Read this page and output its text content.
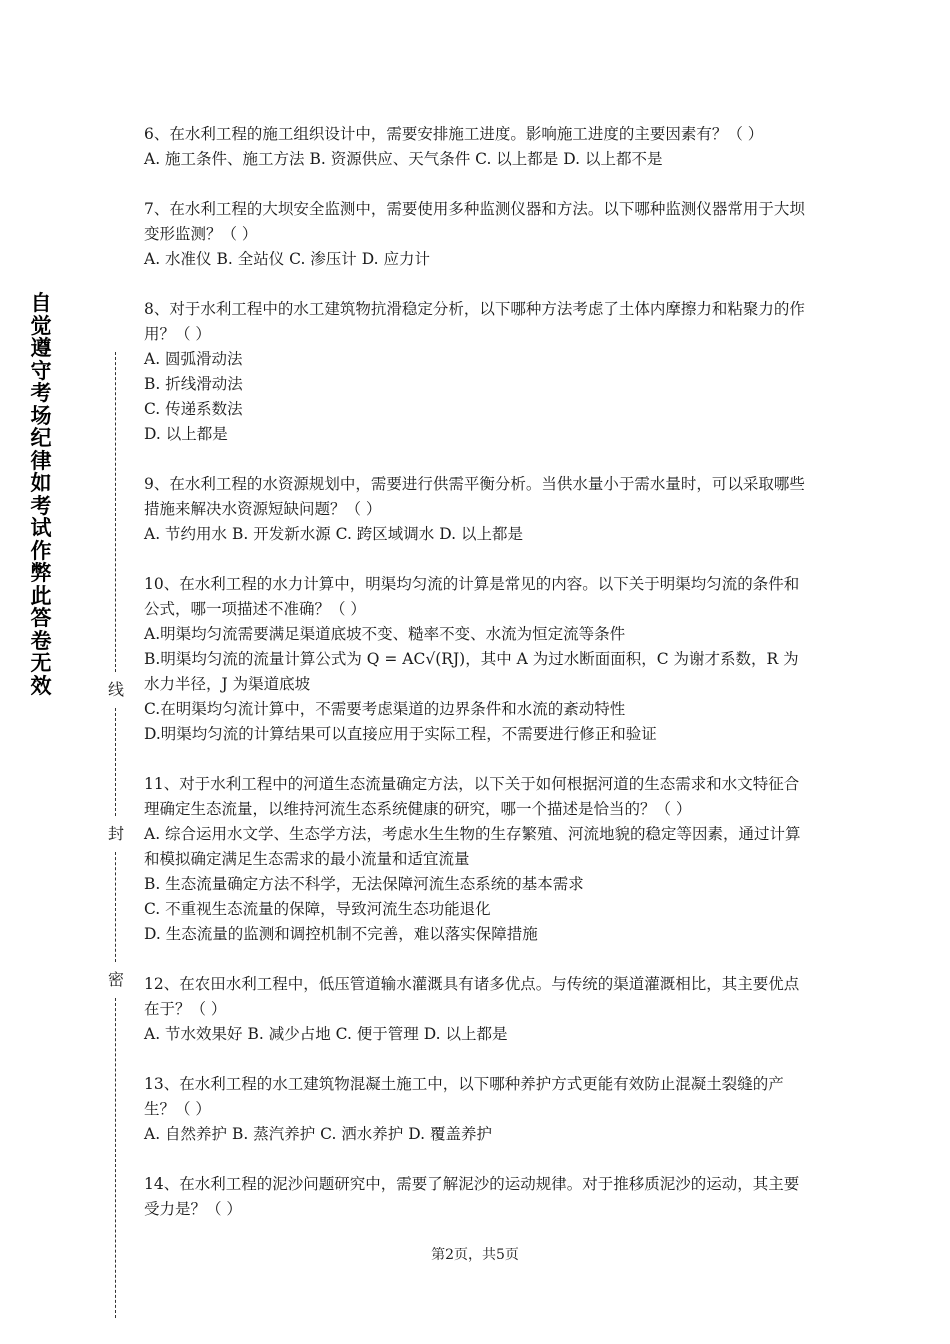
自觉遵守考场纪律如考试作弊此答卷无效	线
封
密

6、在水利工程的施工组织设计中，需要安排施工进度。影响施工进度的主要因素有？（ ）

A. 施工条件、施工方法 B. 资源供应、天气条件 C. 以上都是 D. 以上都不是

7、在水利工程的大坝安全监测中，需要使用多种监测仪器和方法。以下哪种监测仪器常用于大坝变形监测？（ ）

A. 水准仪 B. 全站仪 C. 渗压计 D. 应力计

8、对于水利工程中的水工建筑物抗滑稳定分析，以下哪种方法考虑了土体内摩擦力和粘聚力的作用？（ ）

A. 圆弧滑动法

B. 折线滑动法

C. 传递系数法

D. 以上都是

9、在水利工程的水资源规划中，需要进行供需平衡分析。当供水量小于需水量时，可以采取哪些措施来解决水资源短缺问题？（ ）

A. 节约用水 B. 开发新水源 C. 跨区域调水 D. 以上都是

10、在水利工程的水力计算中，明渠均匀流的计算是常见的内容。以下关于明渠均匀流的条件和公式，哪一项描述不准确？（ ）

A.明渠均匀流需要满足渠道底坡不变、糙率不变、水流为恒定流等条件

B.明渠均匀流的流量计算公式为 Q = AC√(RJ)，其中 A 为过水断面面积，C 为谢才系数，R 为水力半径，J 为渠道底坡

C.在明渠均匀流计算中，不需要考虑渠道的边界条件和水流的紊动特性

D.明渠均匀流的计算结果可以直接应用于实际工程，不需要进行修正和验证

11、对于水利工程中的河道生态流量确定方法，以下关于如何根据河道的生态需求和水文特征合理确定生态流量，以维持河流生态系统健康的研究，哪一个描述是恰当的？（ ）

A. 综合运用水文学、生态学方法，考虑水生生物的生存繁殖、河流地貌的稳定等因素，通过计算和模拟确定满足生态需求的最小流量和适宜流量

B. 生态流量确定方法不科学，无法保障河流生态系统的基本需求

C. 不重视生态流量的保障，导致河流生态功能退化

D. 生态流量的监测和调控机制不完善，难以落实保障措施

12、在农田水利工程中，低压管道输水灌溉具有诸多优点。与传统的渠道灌溉相比，其主要优点在于？（ ）

A. 节水效果好 B. 减少占地 C. 便于管理 D. 以上都是

13、在水利工程的水工建筑物混凝土施工中，以下哪种养护方式更能有效防止混凝土裂缝的产生？（ ）

A. 自然养护 B. 蒸汽养护 C. 洒水养护 D. 覆盖养护

14、在水利工程的泥沙问题研究中，需要了解泥沙的运动规律。对于推移质泥沙的运动，其主要受力是？（ ）

第2页，共5页
